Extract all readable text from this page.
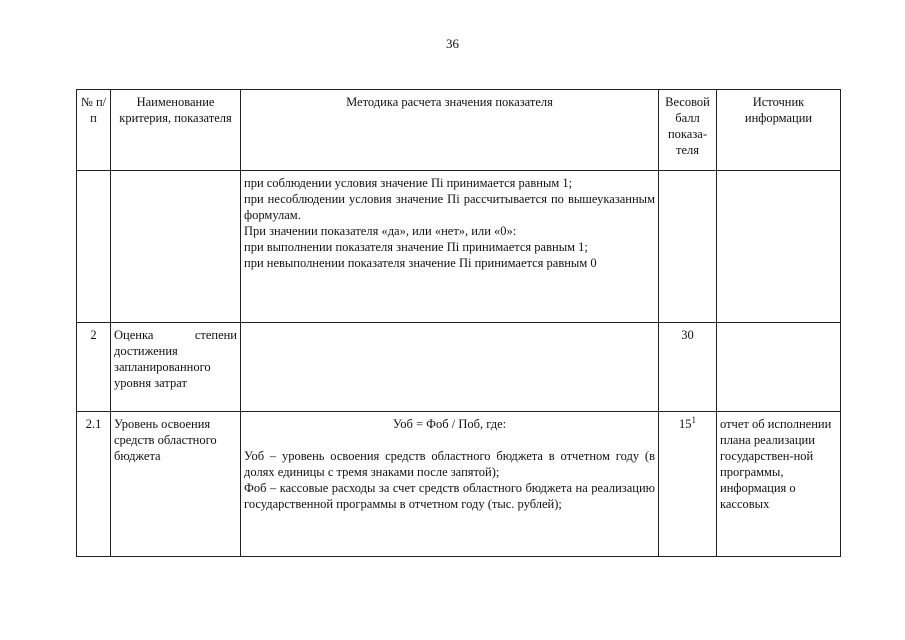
36
№ п/п	Наименование критерия, показателя	Методика расчета значения показателя	Весовой балл показа-теля	Источник информации

		при соблюдении условия значение Пi принимается равным 1;
при несоблюдении условия значение Пi рассчитывается по вышеуказанным формулам.
При значении показателя «да», или «нет», или «0»:
при выполнении показателя значение Пi принимается равным 1;
при невыполнении показателя значение Пi принимается равным 0		

2	Оценка степени достижения запланированного уровня затрат		30	
2.1	Уровень освоения средств областного бюджета	Уоб = Фоб / Поб, где:
Уоб – уровень освоения средств областного бюджета в отчетном году (в долях единицы с тремя знаками после запятой);
Фоб – кассовые расходы за счет средств областного бюджета на реализацию государственной программы в отчетном году (тыс. рублей);	$15^1$	отчет об исполнении плана реализации государствен-ной программы, информация о кассовых
